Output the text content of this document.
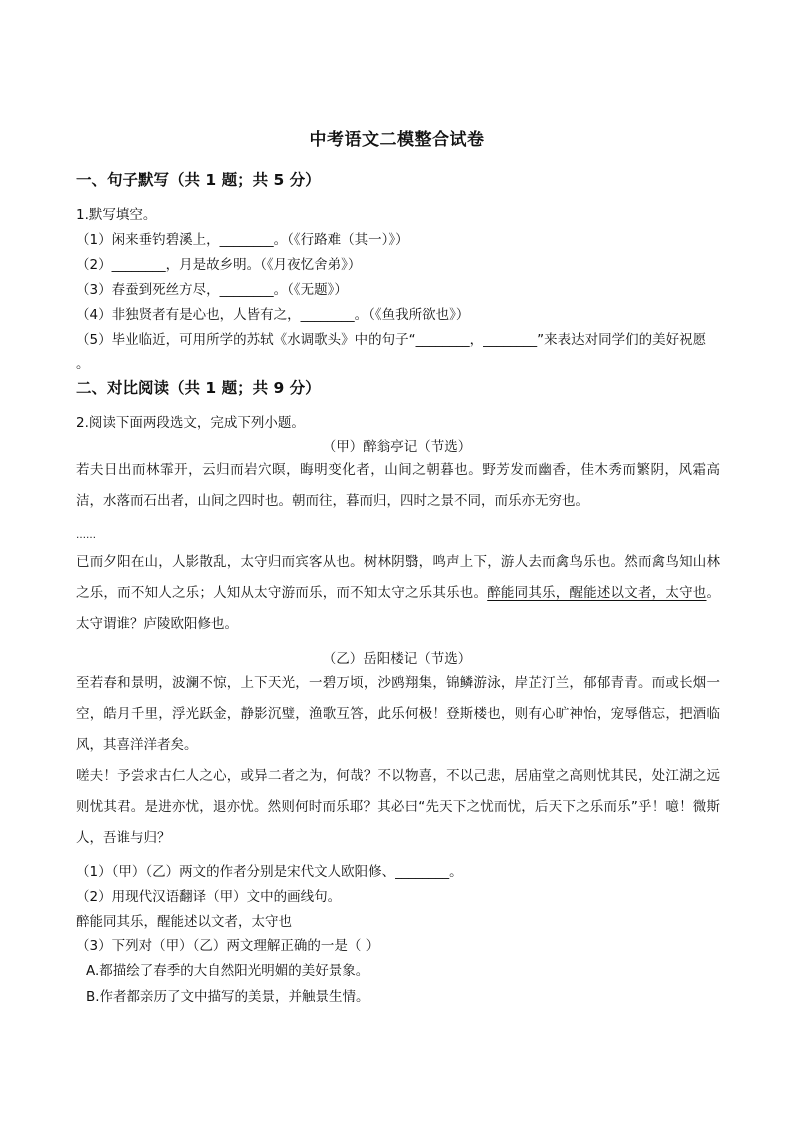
中考语文二模整合试卷
一、句子默写（共 1 题；共 5 分）
1.默写填空。
（1）闲来垂钓碧溪上，________。（《行路难（其一）》）
（2）________，月是故乡明。（《月夜忆舍弟》）
（3）春蚕到死丝方尽，________。（《无题》）
（4）非独贤者有是心也，人皆有之，________。（《鱼我所欲也》）
（5）毕业临近，可用所学的苏轼《水调歌头》中的句子“________，________”来表达对同学们的美好祝愿
。
二、对比阅读（共 1 题；共 9 分）
2.阅读下面两段选文，完成下列小题。
（甲）醉翁亭记（节选）
若夫日出而林霏开，云归而岩穴暝，晦明变化者，山间之朝暮也。野芳发而幽香，佳木秀而繁阴，风霜高洁，水落而石出者，山间之四时也。朝而往，暮而归，四时之景不同，而乐亦无穷也。
……
已而夕阳在山，人影散乱，太守归而宾客从也。树林阴翳，鸣声上下，游人去而禽鸟乐也。然而禽鸟知山林之乐，而不知人之乐；人知从太守游而乐，而不知太守之乐其乐也。醉能同其乐，醒能述以文者，太守也。太守谓谁？庐陵欧阳修也。
（乙）岳阳楼记（节选）
至若春和景明，波澜不惊，上下天光，一碧万顷，沙鸥翔集，锦鳞游泳，岸芷汀兰，郁郁青青。而或长烟一空，皓月千里，浮光跃金，静影沉璧，渔歌互答，此乐何极！登斯楼也，则有心旷神怡，宠辱偕忘，把酒临风，其喜洋洋者矣。
嗟夫！予尝求古仁人之心，或异二者之为，何哉？不以物喜，不以己悲，居庙堂之高则忧其民，处江湖之远则忧其君。是进亦忧，退亦忧。然则何时而乐耶？其必曰“先天下之忧而忧，后天下之乐而乐”乎！噫！微斯人，吾谁与归？
（1）（甲）（乙）两文的作者分别是宋代文人欧阳修、________。
（2）用现代汉语翻译（甲）文中的画线句。
醉能同其乐，醒能述以文者，太守也
（3）下列对（甲）（乙）两文理解正确的一是（ ）
A.都描绘了春季的大自然阳光明媚的美好景象。
B.作者都亲历了文中描写的美景，并触景生情。
